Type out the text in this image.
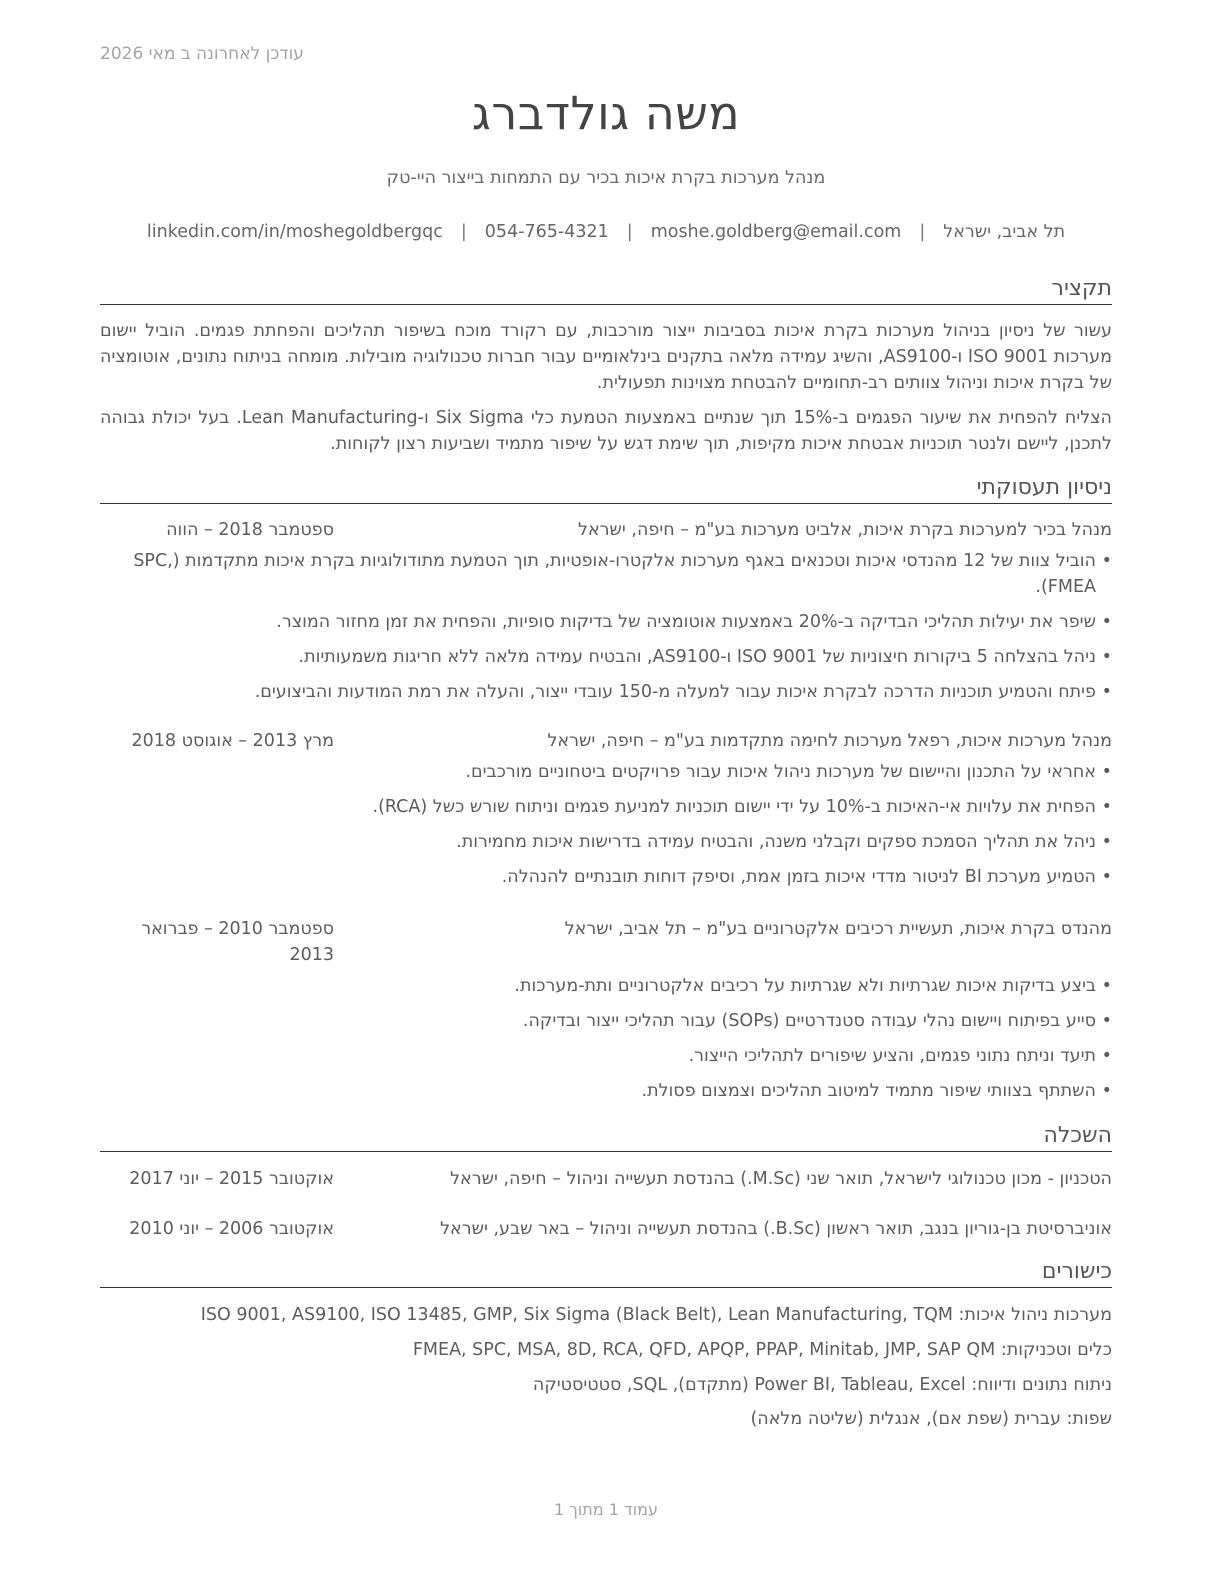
עודכן לאחרונה ב מאי 2026
משה גולדברג
מנהל מערכות בקרת איכות בכיר עם התמחות בייצור היי-טק
תל אביב, ישראל|moshe.goldberg@email.com|054-765-4321|linkedin.com/in/moshegoldbergqc
תקציר

עשור של ניסיון בניהול מערכות בקרת איכות בסביבות ייצור מורכבות, עם רקורד מוכח בשיפור תהליכים והפחתת פגמים. הוביל יישום מערכות ISO 9001 ו-AS9100, והשיג עמידה מלאה בתקנים בינלאומיים עבור חברות טכנולוגיה מובילות. מומחה בניתוח נתונים, אוטומציה של בקרת איכות וניהול צוותים רב-תחומיים להבטחת מצוינות תפעולית.

הצליח להפחית את שיעור הפגמים ב-15% תוך שנתיים באמצעות הטמעת כלי Six Sigma ו-Lean Manufacturing. בעל יכולת גבוהה לתכנן, ליישם ולנטר תוכניות אבטחת איכות מקיפות, תוך שימת דגש על שיפור מתמיד ושביעות רצון לקוחות.

ניסיון תעסוקתי
מנהל בכיר למערכות בקרת איכות, אלביט מערכות בע"מ – חיפה, ישראל
ספטמבר 2018 – הווה
•
הוביל צוות של 12 מהנדסי איכות וטכנאים באגף מערכות אלקטרו-אופטיות, תוך הטמעת מתודולוגיות בקרת איכות מתקדמות (SPC, FMEA).
•
שיפר את יעילות תהליכי הבדיקה ב-20% באמצעות אוטומציה של בדיקות סופיות, והפחית את זמן מחזור המוצר.
•
ניהל בהצלחה 5 ביקורות חיצוניות של ISO 9001 ו-AS9100, והבטיח עמידה מלאה ללא חריגות משמעותיות.
•
פיתח והטמיע תוכניות הדרכה לבקרת איכות עבור למעלה מ-150 עובדי ייצור, והעלה את רמת המודעות והביצועים.
מנהל מערכות איכות, רפאל מערכות לחימה מתקדמות בע"מ – חיפה, ישראל
מרץ 2013 – אוגוסט 2018
•
אחראי על התכנון והיישום של מערכות ניהול איכות עבור פרויקטים ביטחוניים מורכבים.
•
הפחית את עלויות אי-האיכות ב-10% על ידי יישום תוכניות למניעת פגמים וניתוח שורש כשל (RCA).
•
ניהל את תהליך הסמכת ספקים וקבלני משנה, והבטיח עמידה בדרישות איכות מחמירות.
•
הטמיע מערכת BI לניטור מדדי איכות בזמן אמת, וסיפק דוחות תובנתיים להנהלה.
מהנדס בקרת איכות, תעשיית רכיבים אלקטרוניים בע"מ – תל אביב, ישראל
ספטמבר 2010 – פברואר 2013
•
ביצע בדיקות איכות שגרתיות ולא שגרתיות על רכיבים אלקטרוניים ותת-מערכות.
•
סייע בפיתוח ויישום נהלי עבודה סטנדרטיים (SOPs) עבור תהליכי ייצור ובדיקה.
•
תיעד וניתח נתוני פגמים, והציע שיפורים לתהליכי הייצור.
•
השתתף בצוותי שיפור מתמיד למיטוב תהליכים וצמצום פסולת.
השכלה
הטכניון - מכון טכנולוגי לישראל, תואר שני (M.Sc.) בהנדסת תעשייה וניהול – חיפה, ישראל
אוקטובר 2015 – יוני 2017
אוניברסיטת בן-גוריון בנגב, תואר ראשון (B.Sc.) בהנדסת תעשייה וניהול – באר שבע, ישראל
אוקטובר 2006 – יוני 2010
כישורים
מערכות ניהול איכות: ISO 9001, AS9100, ISO 13485, GMP, Six Sigma (Black Belt), Lean Manufacturing, TQM
כלים וטכניקות: FMEA, SPC, MSA, 8D, RCA, QFD, APQP, PPAP, Minitab, JMP, SAP QM
ניתוח נתונים ודיווח: Power BI, Tableau, Excel (מתקדם), SQL, סטטיסטיקה
שפות: עברית (שפת אם), אנגלית (שליטה מלאה)
עמוד 1 מתוך 1
